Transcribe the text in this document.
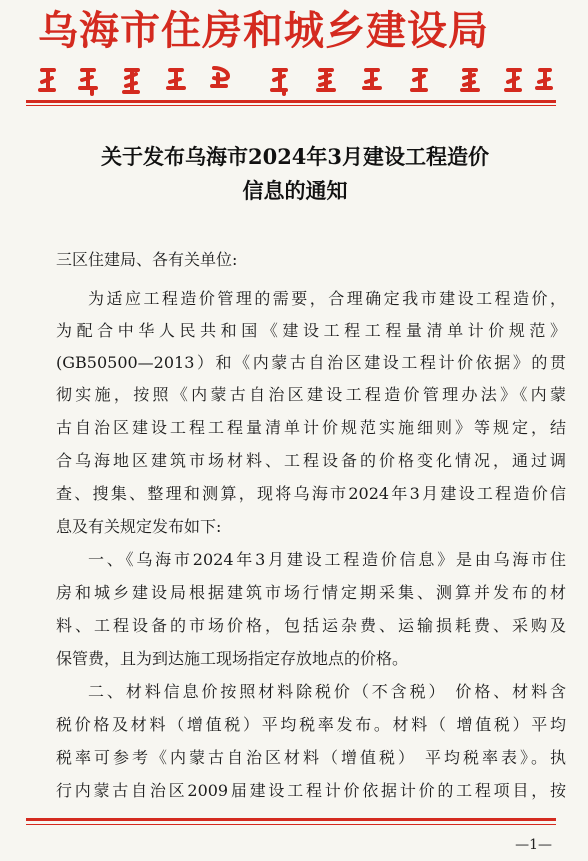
乌海市住房和城乡建设局
关于发布乌海市2024年3月建设工程造价
信息的通知
三区住建局、各有关单位:
为适应工程造价管理的需要，合理确定我市建设工程造价，
为配合中华人民共和国《建设工程工程量清单计价规范》
(GB50500—2013）和《内蒙古自治区建设工程计价依据》的贯
彻实施，按照《内蒙古自治区建设工程造价管理办法》《内蒙
古自治区建设工程工程量清单计价规范实施细则》等规定，结
合乌海地区建筑市场材料、工程设备的价格变化情况，通过调
查、搜集、整理和测算，现将乌海市2024年3月建设工程造价信
息及有关规定发布如下:
一、《乌海市2024年3月建设工程造价信息》是由乌海市住
房和城乡建设局根据建筑市场行情定期采集、测算并发布的材
料、工程设备的市场价格，包括运杂费、运输损耗费、采购及
保管费，且为到达施工现场指定存放地点的价格。
二、材料信息价按照材料除税价（不含税） 价格、材料含
税价格及材料（增值税）平均税率发布。材料（ 增值税）平均
税率可参考《内蒙古自治区材料（增值税） 平均税率表》。执
行内蒙古自治区2009届建设工程计价依据计价的工程项目，按
—1—
